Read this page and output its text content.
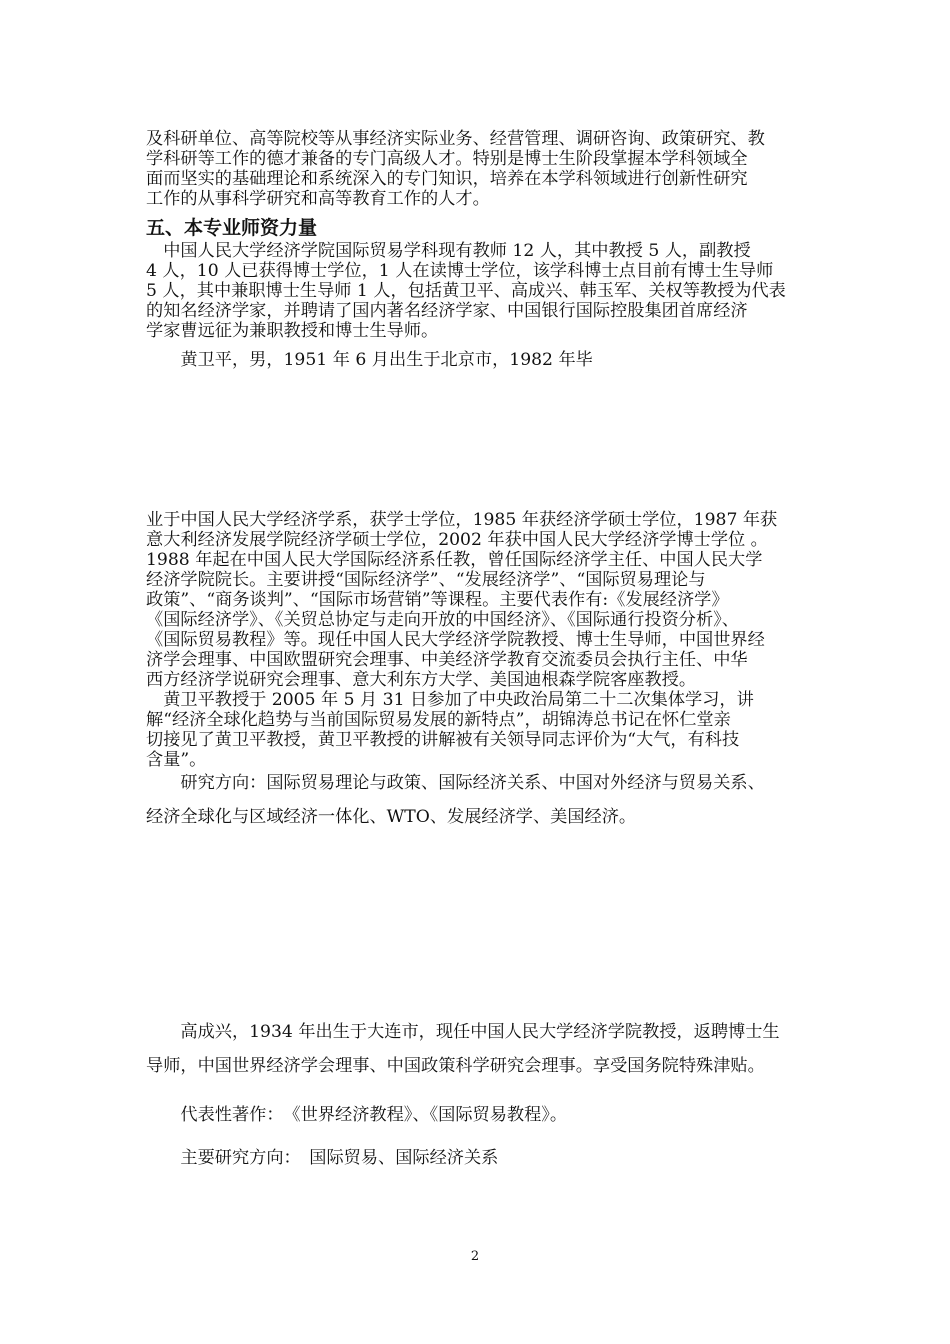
及科研单位、高等院校等从事经济实际业务、经营管理、调研咨询、政策研究、教
学科研等工作的德才兼备的专门高级人才。特别是博士生阶段掌握本学科领域全
面而坚实的基础理论和系统深入的专门知识，培养在本学科领域进行创新性研究
工作的从事科学研究和高等教育工作的人才。
五、本专业师资力量
　中国人民大学经济学院国际贸易学科现有教师 12 人，其中教授 5 人，副教授
4 人，10 人已获得博士学位，1 人在读博士学位，该学科博士点目前有博士生导师
5 人，其中兼职博士生导师 1 人，包括黄卫平、高成兴、韩玉军、关权等教授为代表
的知名经济学家，并聘请了国内著名经济学家、中国银行国际控股集团首席经济
学家曹远征为兼职教授和博士生导师。
　　黄卫平，男，1951 年 6 月出生于北京市，1982 年毕
业于中国人民大学经济学系，获学士学位，1985 年获经济学硕士学位，1987 年获
意大利经济发展学院经济学硕士学位，2002 年获中国人民大学经济学博士学位 。
1988 年起在中国人民大学国际经济系任教，曾任国际经济学主任、中国人民大学
经济学院院长。主要讲授“国际经济学”、“发展经济学”、“国际贸易理论与
政策”、“商务谈判”、“国际市场营销”等课程。主要代表作有:《发展经济学》
《国际经济学》、《关贸总协定与走向开放的中国经济》、《国际通行投资分析》、
《国际贸易教程》等。现任中国人民大学经济学院教授、博士生导师，中国世界经
济学会理事、中国欧盟研究会理事、中美经济学教育交流委员会执行主任、中华
西方经济学说研究会理事、意大利东方大学、美国迪根森学院客座教授。
　黄卫平教授于 2005 年 5 月 31 日参加了中央政治局第二十二次集体学习，讲
解“经济全球化趋势与当前国际贸易发展的新特点”，胡锦涛总书记在怀仁堂亲
切接见了黄卫平教授，黄卫平教授的讲解被有关领导同志评价为“大气，有科技
含量”。
　　研究方向：国际贸易理论与政策、国际经济关系、中国对外经济与贸易关系、
经济全球化与区域经济一体化、WTO、发展经济学、美国经济。
　　高成兴，1934 年出生于大连市，现任中国人民大学经济学院教授，返聘博士生
导师，中国世界经济学会理事、中国政策科学研究会理事。享受国务院特殊津贴。
　　代表性著作：　《世界经济教程》、《国际贸易教程》。
　　主要研究方向：　国际贸易、国际经济关系
2
